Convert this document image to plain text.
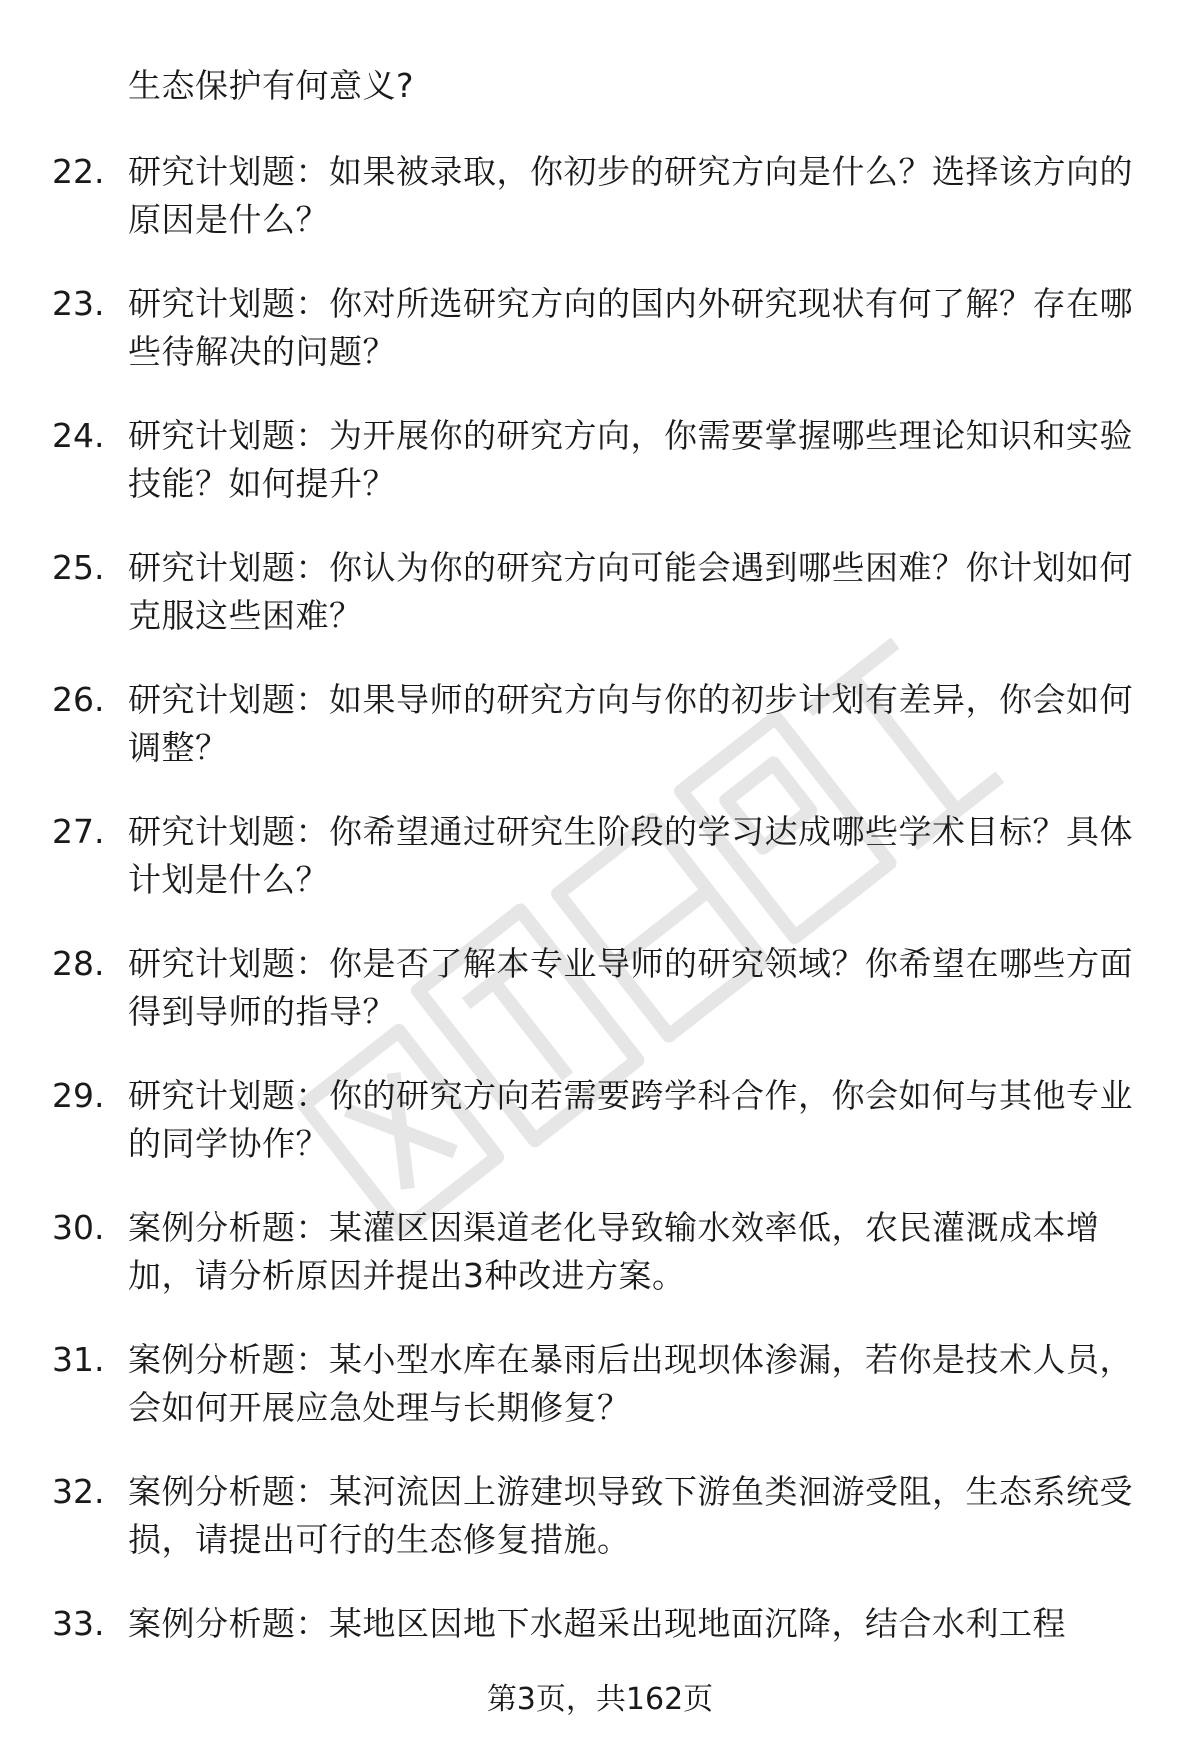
生态保护有何意义?
22. 研究计划题：如果被录取，你初步的研究方向是什么？选择该方向的原因是什么？
23. 研究计划题：你对所选研究方向的国内外研究现状有何了解？存在哪些待解决的问题？
24. 研究计划题：为开展你的研究方向，你需要掌握哪些理论知识和实验技能？如何提升？
25. 研究计划题：你认为你的研究方向可能会遇到哪些困难？你计划如何克服这些困难？
26. 研究计划题：如果导师的研究方向与你的初步计划有差异，你会如何调整？
27. 研究计划题：你希望通过研究生阶段的学习达成哪些学术目标？具体计划是什么？
28. 研究计划题：你是否了解本专业导师的研究领域？你希望在哪些方面得到导师的指导？
29. 研究计划题：你的研究方向若需要跨学科合作，你会如何与其他专业的同学协作？
30. 案例分析题：某灌区因渠道老化导致输水效率低，农民灌溉成本增加，请分析原因并提出3种改进方案。
31. 案例分析题：某小型水库在暴雨后出现坝体渗漏，若你是技术人员，会如何开展应急处理与长期修复？
32. 案例分析题：某河流因上游建坝导致下游鱼类洄游受阻，生态系统受损，请提出可行的生态修复措施。
33. 案例分析题：某地区因地下水超采出现地面沉降，结合水利工程
第3页，共162页
